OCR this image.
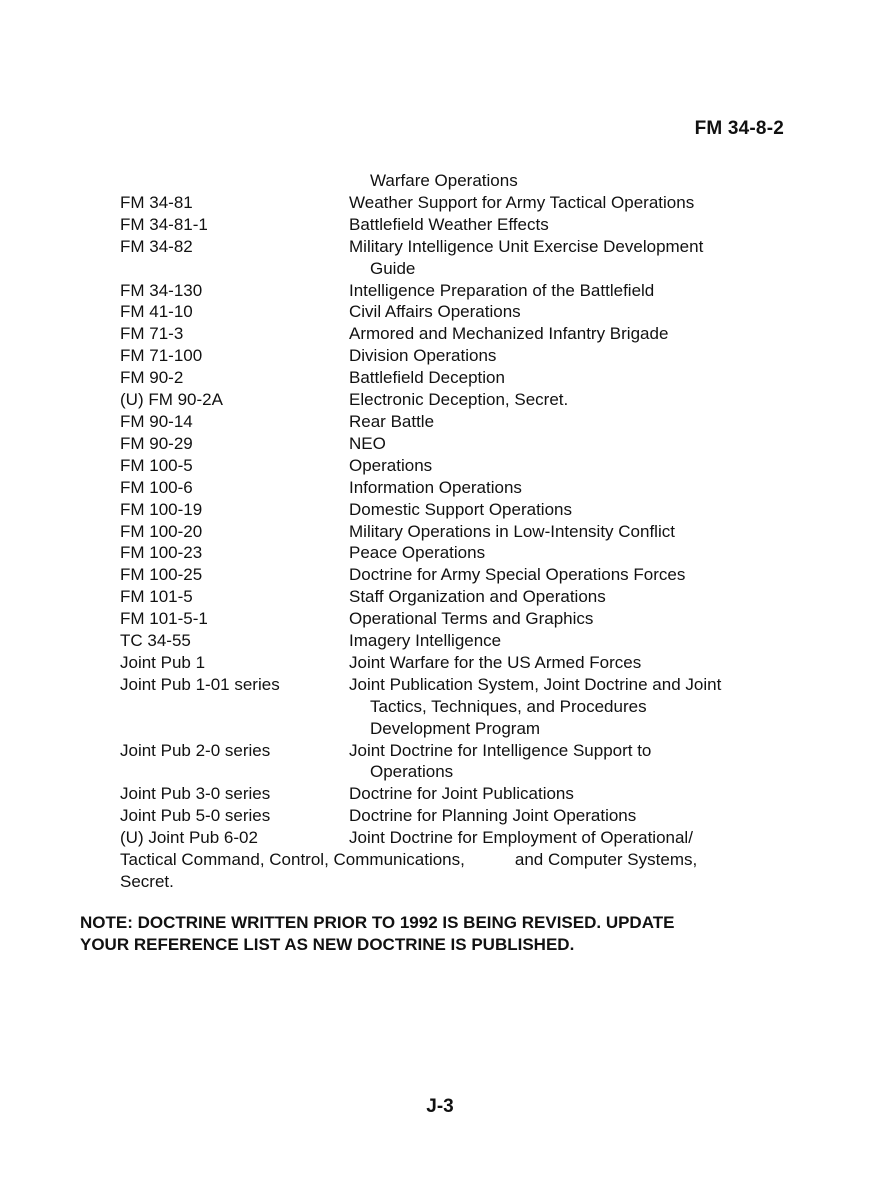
FM 34-8-2
Warfare Operations
FM 34-81	Weather Support for Army Tactical Operations
FM 34-81-1	Battlefield Weather Effects
FM 34-82	Military Intelligence Unit Exercise Development
Guide
FM 34-130	Intelligence Preparation of the Battlefield
FM 41-10	Civil Affairs Operations
FM 71-3	Armored and Mechanized Infantry Brigade
FM 71-100	Division Operations
FM 90-2	Battlefield Deception
(U) FM 90-2A	Electronic Deception, Secret.
FM 90-14	Rear Battle
FM 90-29	NEO
FM 100-5	Operations
FM 100-6	Information Operations
FM 100-19	Domestic Support Operations
FM 100-20	Military Operations in Low-Intensity Conflict
FM 100-23	Peace Operations
FM 100-25	Doctrine for Army Special Operations Forces
FM 101-5	Staff Organization and Operations
FM 101-5-1	Operational Terms and Graphics
TC 34-55	Imagery Intelligence
Joint Pub 1	Joint Warfare for the US Armed Forces
Joint Pub 1-01 series	Joint Publication System, Joint Doctrine and Joint
Tactics, Techniques, and Procedures
Development Program
Joint Pub 2-0 series	Joint Doctrine for Intelligence Support to
Operations
Joint Pub 3-0 series	Doctrine for Joint Publications
Joint Pub 5-0 series	Doctrine for Planning Joint Operations
(U) Joint Pub 6-02	Joint Doctrine for Employment of Operational/
Tactical Command, Control, Communications,	and Computer Systems,
Secret.
NOTE: DOCTRINE WRITTEN PRIOR TO 1992 IS BEING REVISED. UPDATE
YOUR REFERENCE LIST AS NEW DOCTRINE IS PUBLISHED.
J-3
